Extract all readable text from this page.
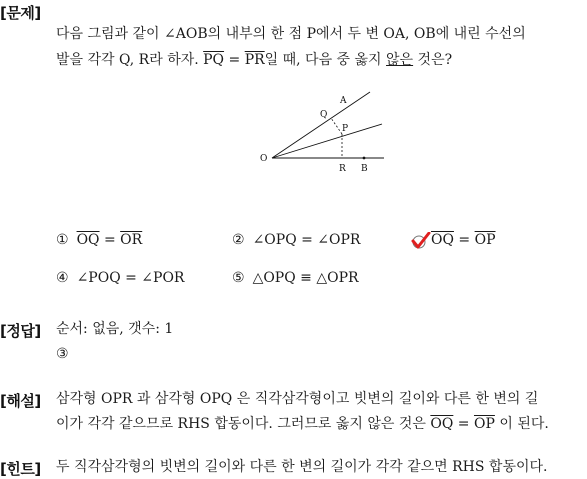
[문제]
다음 그림과 같이 ∠AOB의 내부의 한 점 P에서 두 변 OA, OB에 내린 수선의
발을 각각 Q, R라 하자. $\overline{PQ} = \overline{PR}$일 때, 다음 중 옳지 않은 것은?
A
Q
P
O
R B
① $\overline{OQ} = \overline{OR}$	② ∠OPQ = ∠OPR	$\overline{OQ} = \overline{OP}$
④ ∠POQ = ∠POR	⑤ △OPQ ≡ △OPR
[정답] 순서: 없음, 갯수: 1
③
[해설] 삼각형 OPR 과 삼각형 OPQ 은 직각삼각형이고 빗변의 길이와 다른 한 변의 길
이가 각각 같으므로 RHS 합동이다. 그러므로 옳지 않은 것은 $\overline{OQ} = \overline{OP}$ 이 된다.
[힌트] 두 직각삼각형의 빗변의 길이와 다른 한 변의 길이가 각각 같으면 RHS 합동이다.
